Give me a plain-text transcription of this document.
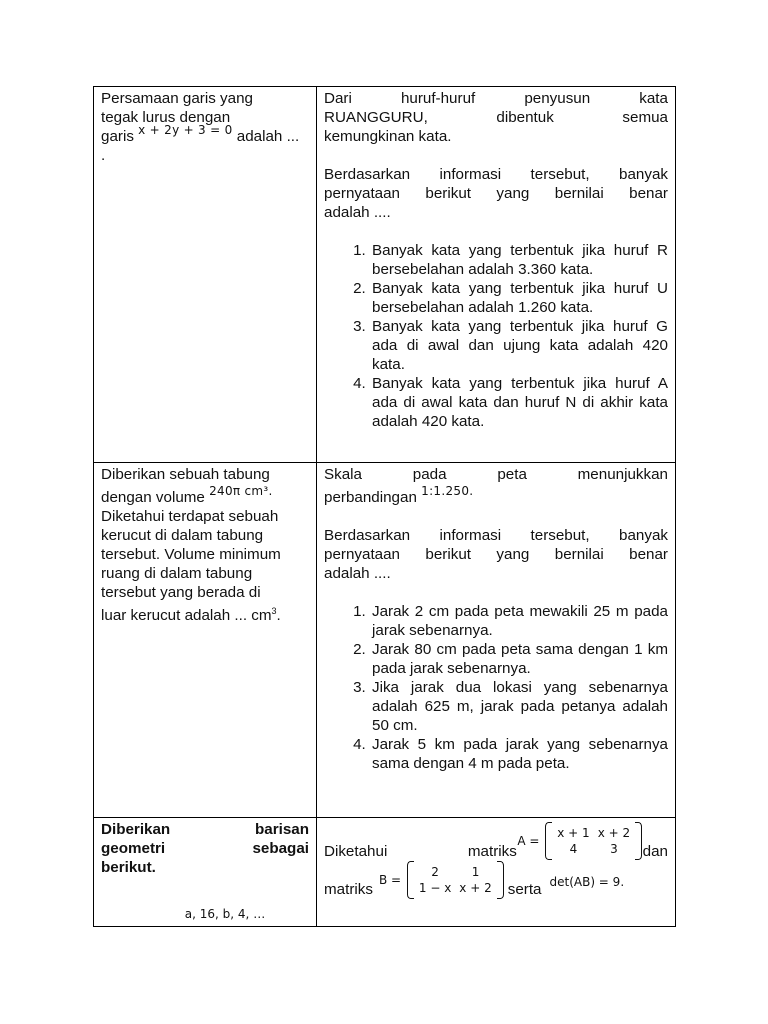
Persamaan garis yang
tegak lurus dengan
garis $^{x + 2y + 3 = 0}$ adalah ...
.

Dari	huruf-huruf	penyusun	kata
RUANGGURU,	dibentuk	semua
kemungkinan kata.
Berdasarkan informasi tersebut, banyak
pernyataan berikut yang bernilai benar
adalah ....
1. Banyak kata yang terbentuk jika huruf R bersebelahan adalah 3.360 kata.
2. Banyak kata yang terbentuk jika huruf U bersebelahan adalah 1.260 kata.
3. Banyak kata yang terbentuk jika huruf G ada di awal dan ujung kata adalah 420 kata.
4. Banyak kata yang terbentuk jika huruf A ada di awal kata dan huruf N di akhir kata adalah 420 kata.

Diberikan sebuah tabung
dengan volume $^{240\pi cm^3.}$
Diketahui terdapat sebuah
kerucut di dalam tabung
tersebut. Volume minimum
ruang di dalam tabung
tersebut yang berada di
luar kerucut adalah ... $cm^3$.

Skala	pada	peta	menunjukkan
perbandingan $^{1:1.250.}$
Berdasarkan informasi tersebut, banyak
pernyataan berikut yang bernilai benar
adalah ....
1. Jarak 2 cm pada peta mewakili 25 m pada jarak sebenarnya.
2. Jarak 80 cm pada peta sama dengan 1 km pada jarak sebenarnya.
3. Jika jarak dua lokasi yang sebenarnya adalah 625 m, jarak pada petanya adalah 50 cm.
4. Jarak 5 km pada jarak yang sebenarnya sama dengan 4 m pada peta.

Diberikan	barisan
geometri	sebagai
berikut.
a, 16, b, 4, …

Diketahui	matriks
A =
x + 1	x + 2
4	3 dan
matriks
B =
2	1
1 − x	x + 2 serta det(AB) = 9.
